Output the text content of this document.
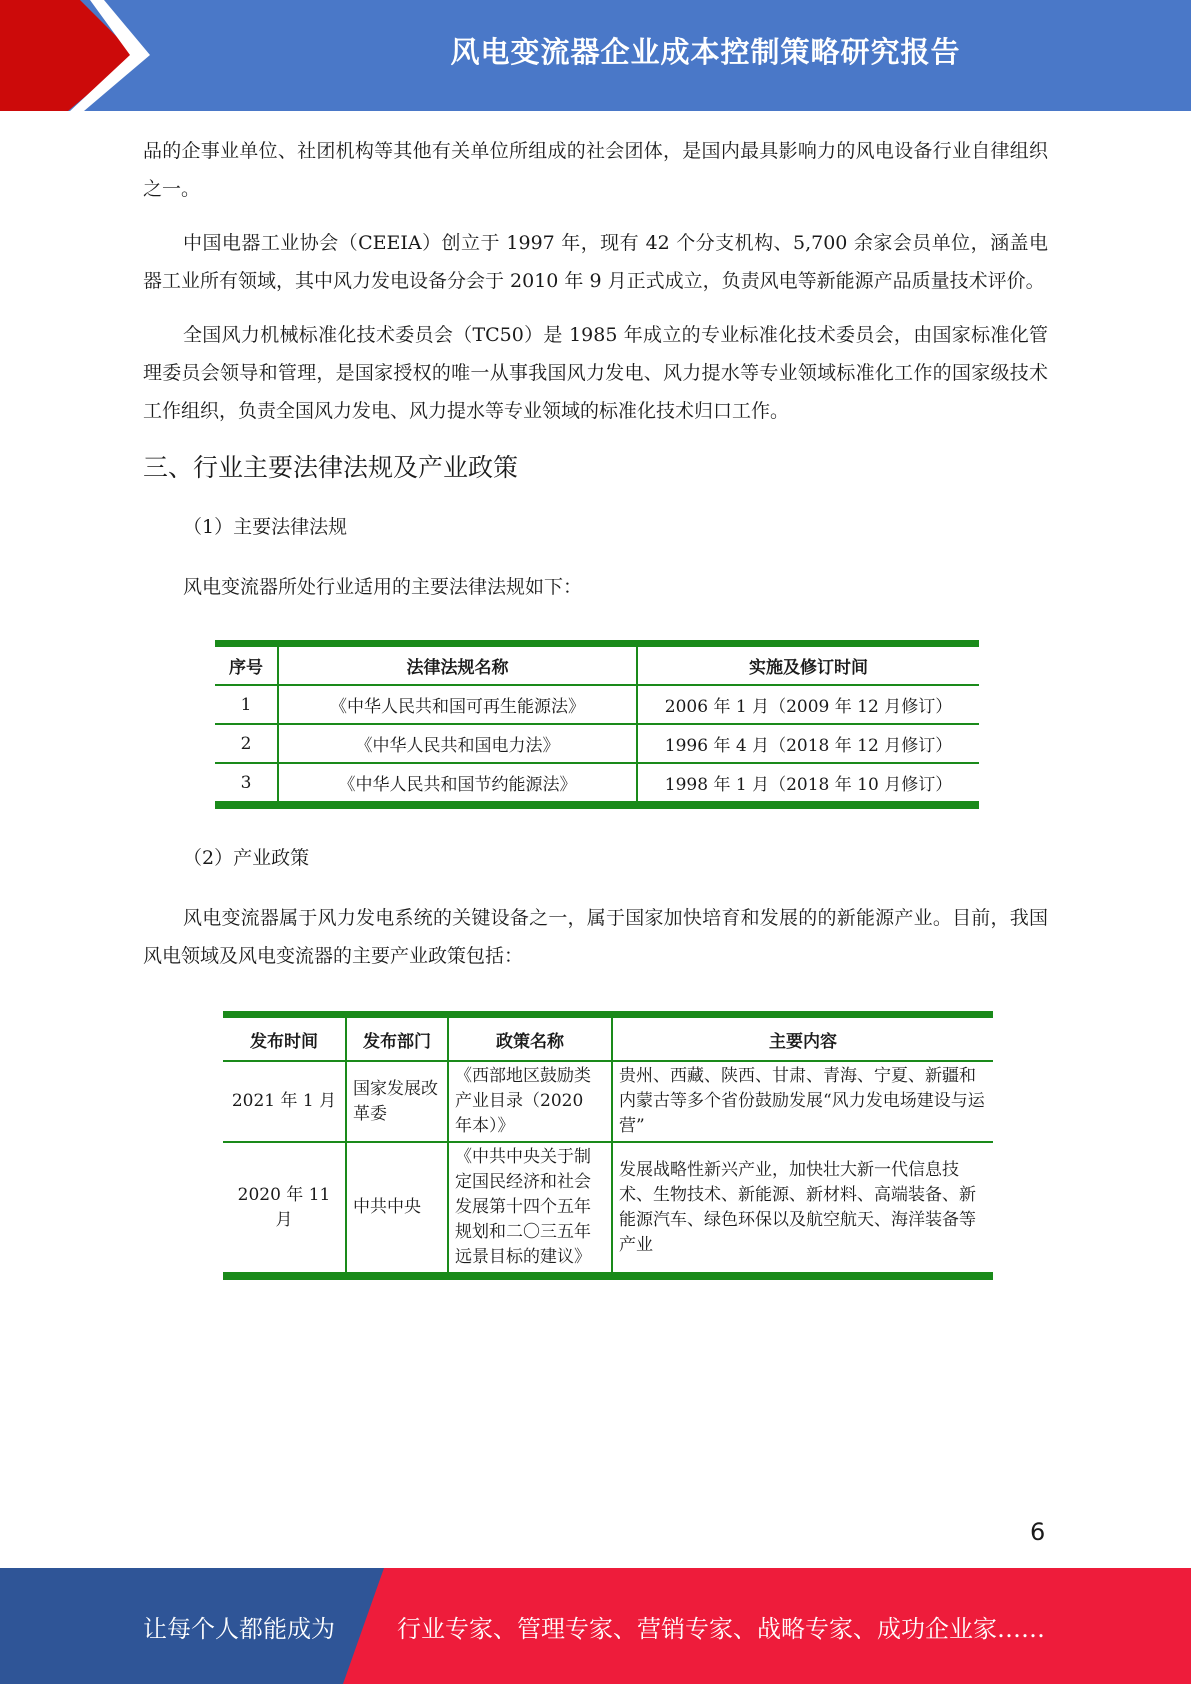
风电变流器企业成本控制策略研究报告

品的企事业单位、社团机构等其他有关单位所组成的社会团体，是国内最具影响力的风电设备行业自律组织之一。

中国电器工业协会（CEEIA）创立于 1997 年，现有 42 个分支机构、5,700 余家会员单位，涵盖电器工业所有领域，其中风力发电设备分会于 2010 年 9 月正式成立，负责风电等新能源产品质量技术评价。

全国风力机械标准化技术委员会（TC50）是 1985 年成立的专业标准化技术委员会，由国家标准化管理委员会领导和管理，是国家授权的唯一从事我国风力发电、风力提水等专业领域标准化工作的国家级技术工作组织，负责全国风力发电、风力提水等专业领域的标准化技术归口工作。

三、行业主要法律法规及产业政策
（1）主要法律法规

风电变流器所处行业适用的主要法律法规如下：

序号	法律法规名称	实施及修订时间
1	《中华人民共和国可再生能源法》	2006 年 1 月（2009 年 12 月修订）
2	《中华人民共和国电力法》	1996 年 4 月（2018 年 12 月修订）
3	《中华人民共和国节约能源法》	1998 年 1 月（2018 年 10 月修订）
（2）产业政策

风电变流器属于风力发电系统的关键设备之一，属于国家加快培育和发展的的新能源产业。目前，我国风电领域及风电变流器的主要产业政策包括：

发布时间	发布部门	政策名称	主要内容
2021 年 1 月	国家发展改革委	《西部地区鼓励类产业目录（2020 年本）》	贵州、西藏、陕西、甘肃、青海、宁夏、新疆和内蒙古等多个省份鼓励发展“风力发电场建设与运营”
2020 年 11 月	中共中央	《中共中央关于制定国民经济和社会发展第十四个五年规划和二〇三五年远景目标的建议》	发展战略性新兴产业，加快壮大新一代信息技术、生物技术、新能源、新材料、高端装备、新能源汽车、绿色环保以及航空航天、海洋装备等产业
6
让每个人都能成为	行业专家、管理专家、营销专家、战略专家、成功企业家……
